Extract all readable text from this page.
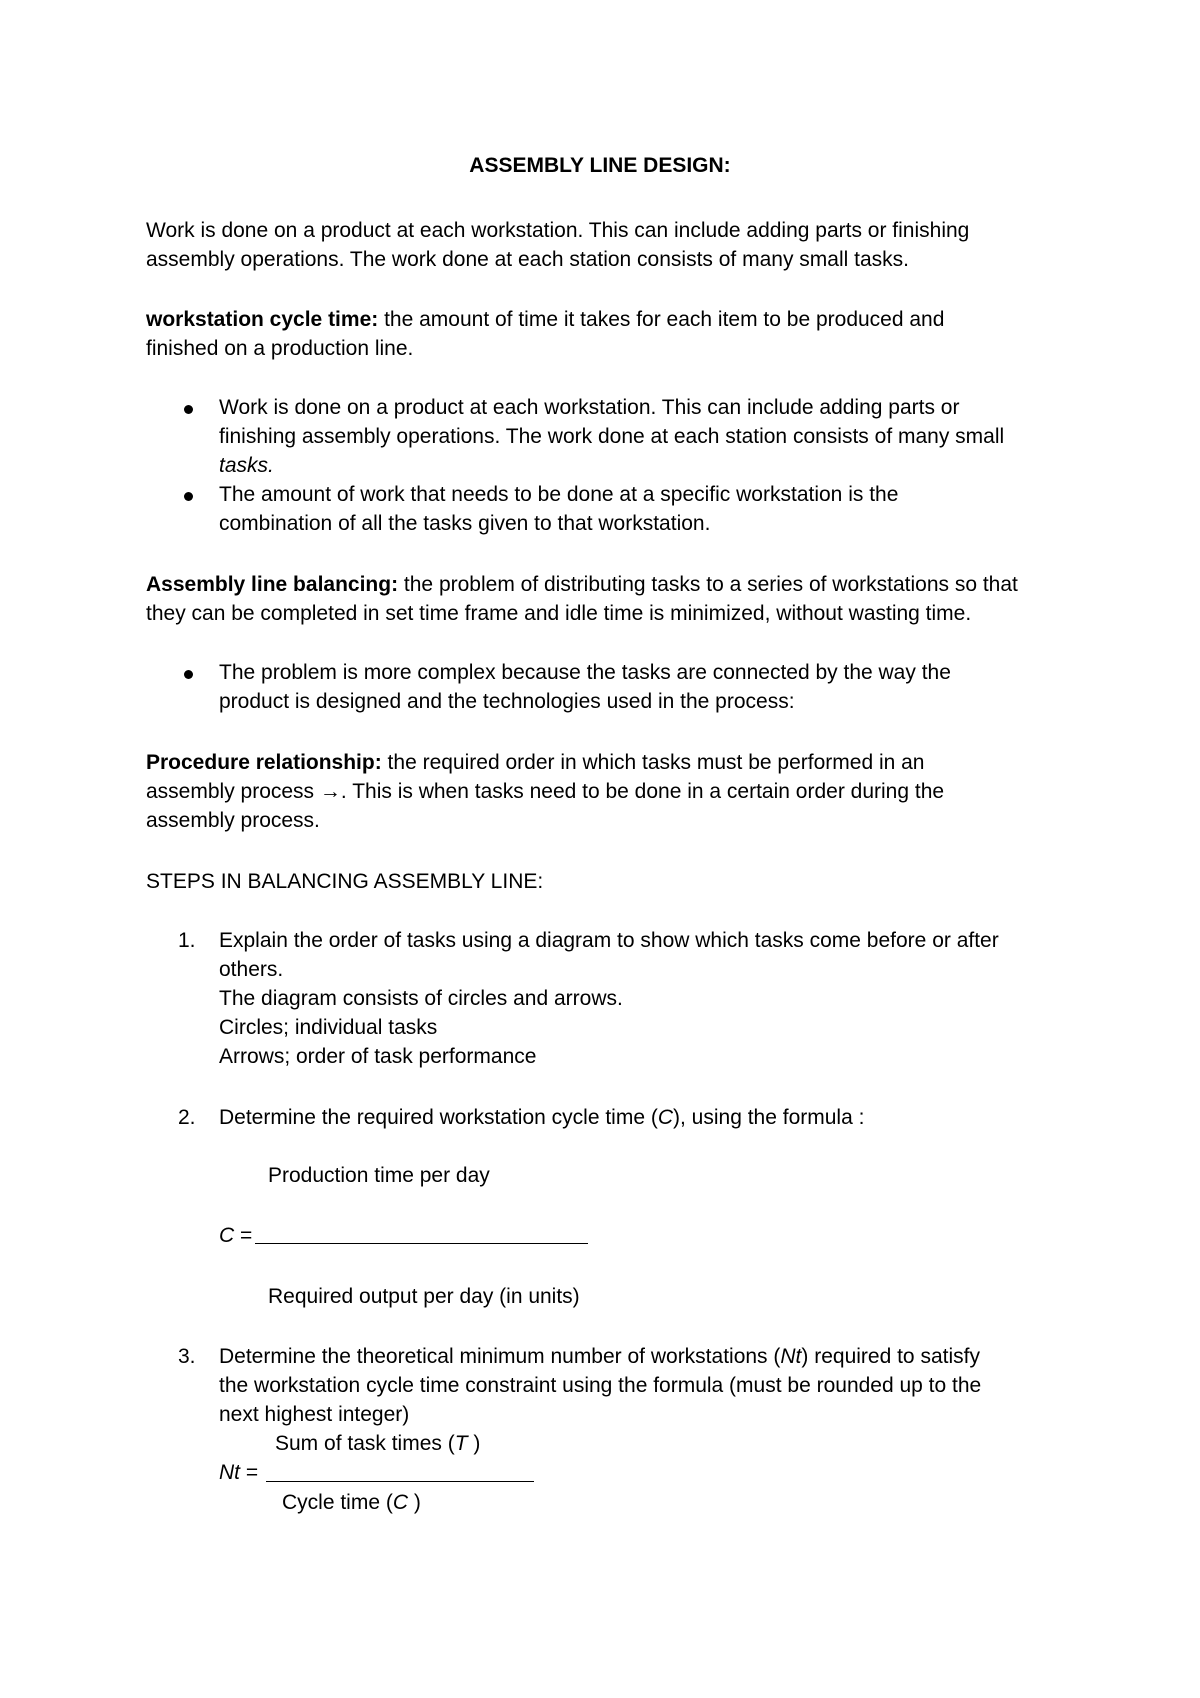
ASSEMBLY LINE DESIGN:
Work is done on a product at each workstation. This can include adding parts or finishing
assembly operations. The work done at each station consists of many small tasks.
workstation cycle time: the amount of time it takes for each item to be produced and
finished on a production line.
Work is done on a product at each workstation. This can include adding parts or
finishing assembly operations. The work done at each station consists of many small
tasks.
The amount of work that needs to be done at a specific workstation is the
combination of all the tasks given to that workstation.
Assembly line balancing: the problem of distributing tasks to a series of workstations so that
they can be completed in set time frame and idle time is minimized, without wasting time.
The problem is more complex because the tasks are connected by the way the
product is designed and the technologies used in the process:
Procedure relationship: the required order in which tasks must be performed in an
assembly process →. This is when tasks need to be done in a certain order during the
assembly process.
STEPS IN BALANCING ASSEMBLY LINE:
1.	Explain the order of tasks using a diagram to show which tasks come before or after
others.
The diagram consists of circles and arrows.
Circles; individual tasks
Arrows; order of task performance
2.	Determine the required workstation cycle time (C), using the formula :
Production time per day
C =
Required output per day (in units)
3.	Determine the theoretical minimum number of workstations (Nt) required to satisfy
the workstation cycle time constraint using the formula (must be rounded up to the
next highest integer)
Sum of task times (T )
Nt =
Cycle time (C )
